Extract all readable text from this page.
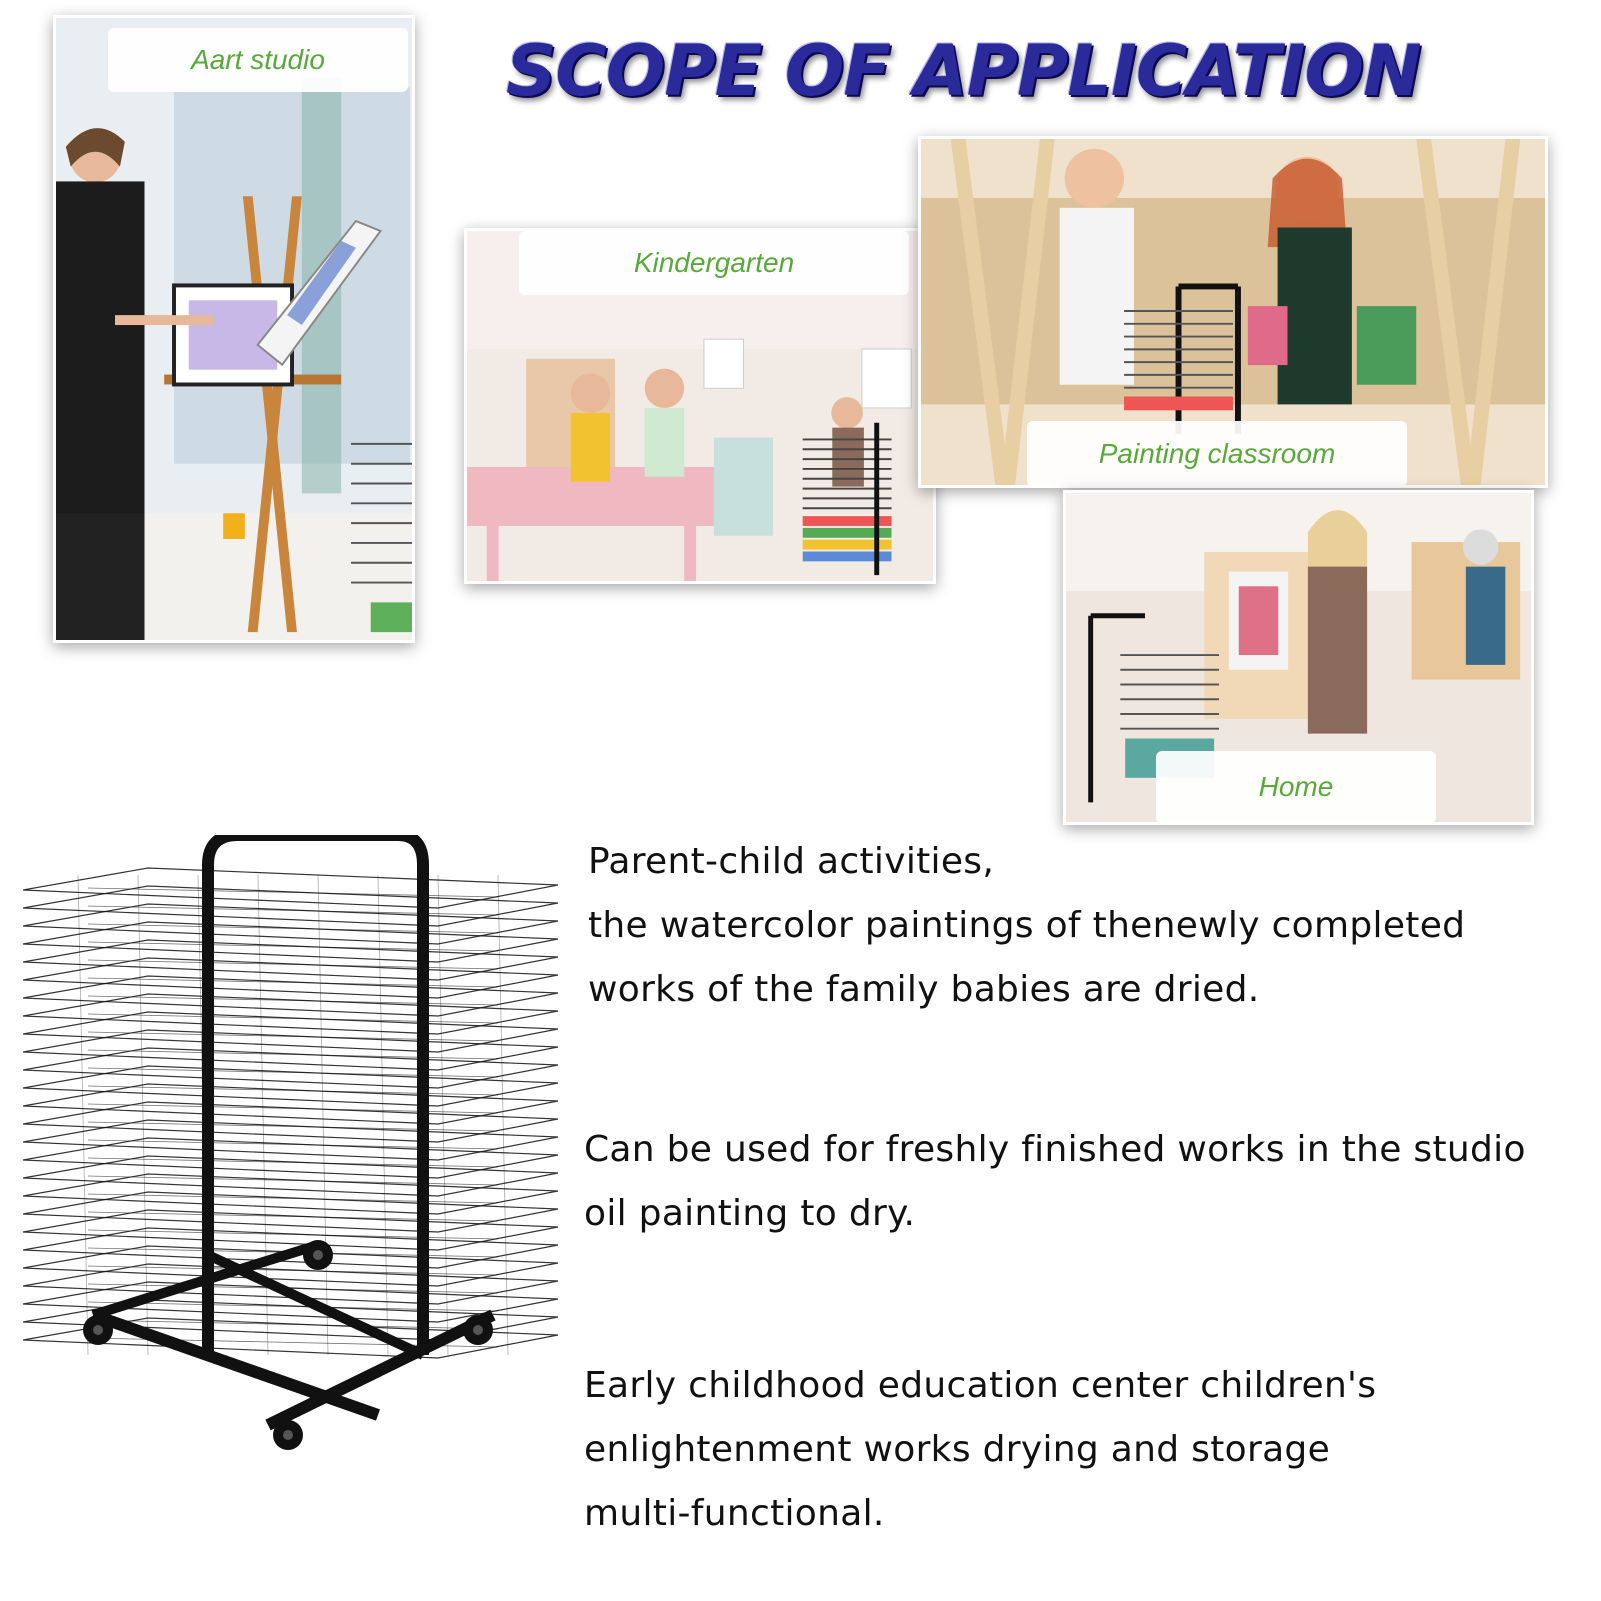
SCOPE OF APPLICATION
Aart studio
Kindergarten
Painting classroom
Home
Parent-child activities,
the watercolor paintings of thenewly completed
works of the family babies are dried.
Can be used for freshly finished works in the studio
oil painting to dry.
Early childhood education center children's
enlightenment works drying and storage
multi-functional.
